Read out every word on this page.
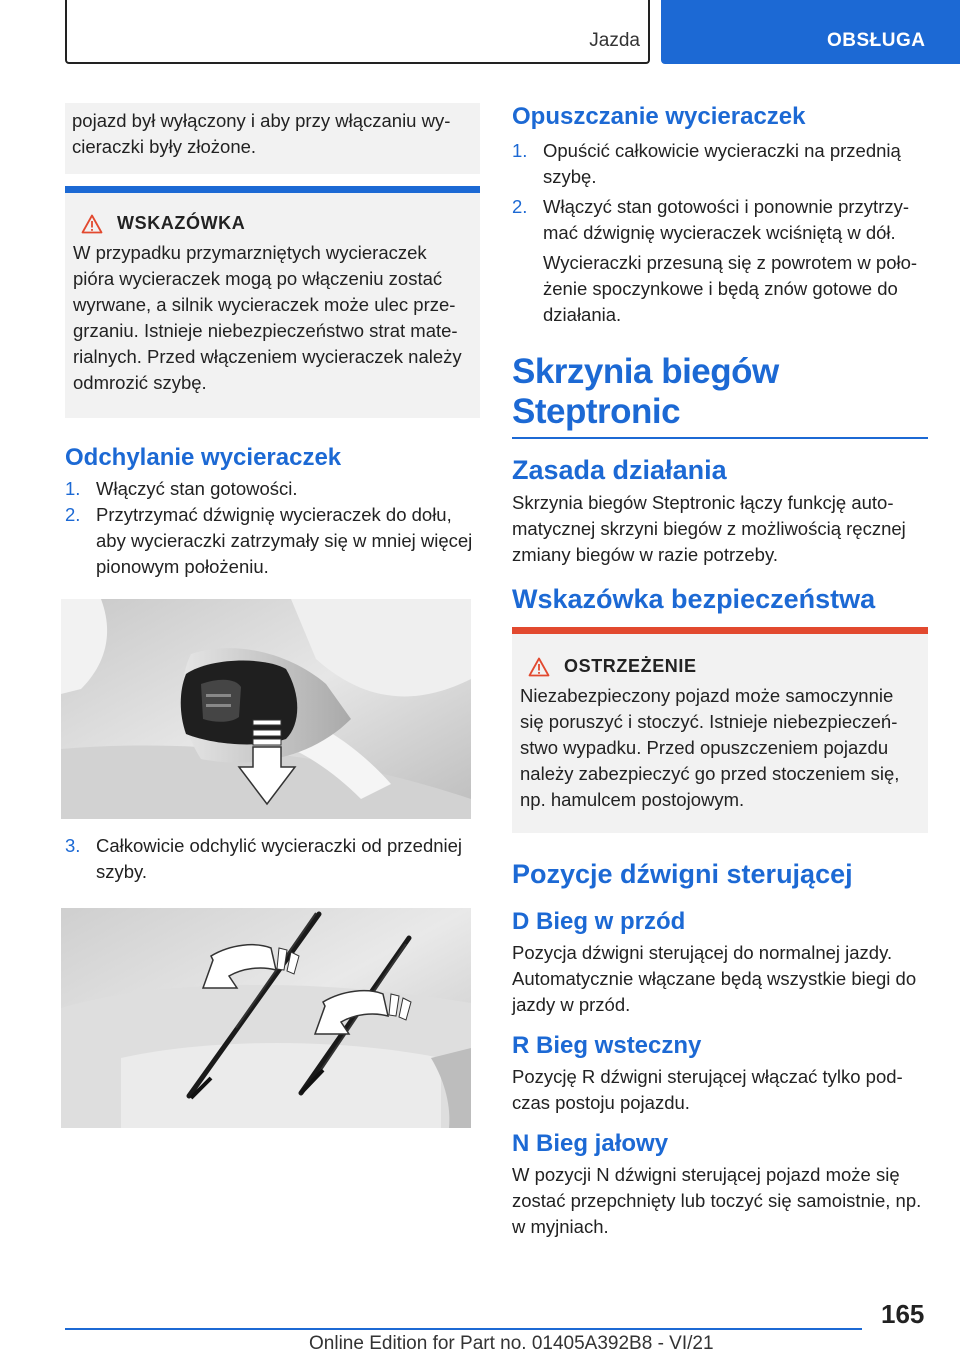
Jazda	OBSŁUGA

pojazd był wyłączony i aby przy włączaniu wy-
cieraczki były złożone.

WSKAZÓWKA

W przypadku przymarzniętych wycieraczek pióra wycieraczek mogą po włączeniu zostać wyrwane, a silnik wycieraczek może ulec prze-grzaniu. Istnieje niebezpieczeństwo strat mate-rialnych. Przed włączeniem wycieraczek należy odmrozić szybę.

Odchylanie wycieraczek
1. Włączyć stan gotowości.
2. Przytrzymać dźwignię wycieraczek do dołu, aby wycieraczki zatrzymały się w mniej więcej pionowym położeniu.
3. Całkowicie odchylić wycieraczki od przedniej szyby.
Opuszczanie wycieraczek
1. Opuścić całkowicie wycieraczki na przednią szybę.
2. Włączyć stan gotowości i ponownie przytrzy-mać dźwignię wycieraczek wciśniętą w dół.
Wycieraczki przesuną się z powrotem w poło-żenie spoczynkowe i będą znów gotowe do działania.
Skrzynia biegów Steptronic
Zasada działania

Skrzynia biegów Steptronic łączy funkcję auto-matycznej skrzyni biegów z możliwością ręcznej zmiany biegów w razie potrzeby.

Wskazówka bezpieczeństwa
OSTRZEŻENIE

Niezabezpieczony pojazd może samoczynnie się poruszyć i stoczyć. Istnieje niebezpieczeń-stwo wypadku. Przed opuszczeniem pojazdu należy zabezpieczyć go przed stoczeniem się, np. hamulcem postojowym.

Pozycje dźwigni sterującej
D Bieg w przód

Pozycja dźwigni sterującej do normalnej jazdy. Automatycznie włączane będą wszystkie biegi do jazdy w przód.

R Bieg wsteczny

Pozycję R dźwigni sterującej włączać tylko pod-czas postoju pojazdu.

N Bieg jałowy

W pozycji N dźwigni sterującej pojazd może się zostać przepchnięty lub toczyć się samoistnie, np. w myjniach.

165
Online Edition for Part no. 01405A392B8 - VI/21
